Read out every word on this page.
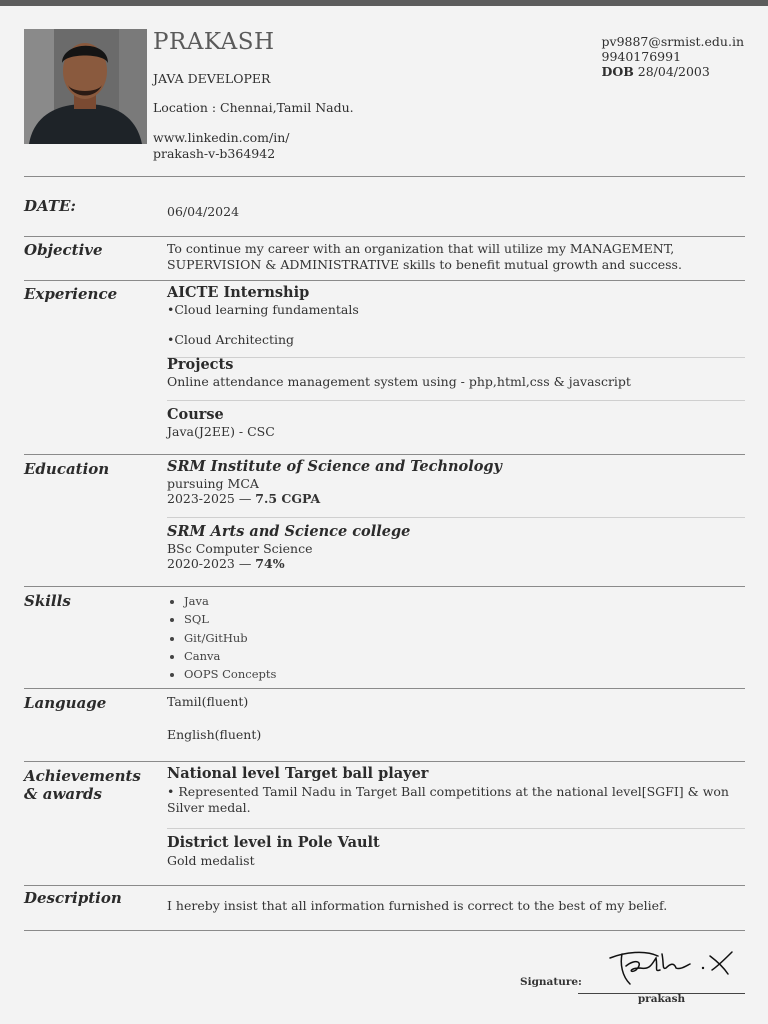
PRAKASH
JAVA DEVELOPER
Location : Chennai,Tamil Nadu.
www.linkedin.com/in/
prakash-v-b364942
pv9887@srmist.edu.in
9940176991
DOB 28/04/2003
DATE:	06/04/2024
Objective	To continue my career with an organization that will utilize my MANAGEMENT, SUPERVISION & ADMINISTRATIVE skills to benefit mutual growth and success.
Experience	AICTE Internship
•Cloud learning fundamentals
•Cloud Architecting
Projects
Online attendance management system using - php,html,css & javascript
Course
Java(J2EE) - CSC
Education	SRM Institute of Science and Technology
pursuing MCA
2023-2025 — 7.5 CGPA
SRM Arts and Science college
BSc Computer Science
2020-2023 — 74%
Skills
•	Java
• SQL
• Git/GitHub
• Canva
• OOPS Concepts
Language	Tamil(fluent)
English(fluent)
Achievements
& awards
National level Target ball player
• Represented Tamil Nadu in Target Ball competitions at the national level[SGFI] & won
Silver medal.
District level in Pole Vault
Gold medalist
Description	I hereby insist that all information furnished is correct to the best of my belief.
Signature:
prakash
